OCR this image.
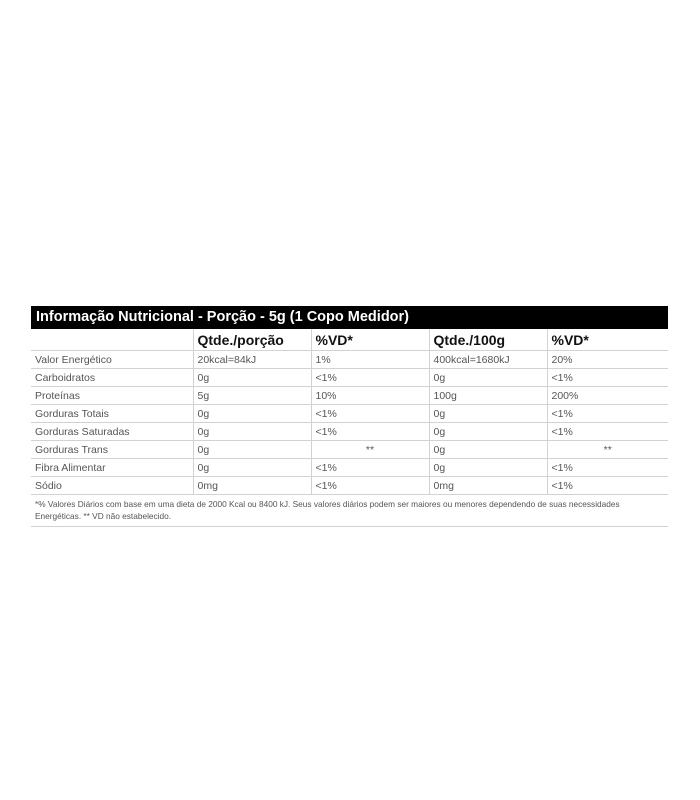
Informação Nutricional - Porção - 5g (1 Copo Medidor)
	Qtde./porção	%VD*	Qtde./100g	%VD*
Valor Energético	20kcal=84kJ	1%	400kcal=1680kJ	20%
Carboidratos	0g	<1%	0g	<1%
Proteínas	5g	10%	100g	200%
Gorduras Totais	0g	<1%	0g	<1%
Gorduras Saturadas	0g	<1%	0g	<1%
Gorduras Trans	0g	**	0g	**
Fibra Alimentar	0g	<1%	0g	<1%
Sódio	0mg	<1%	0mg	<1%
*% Valores Diários com base em uma dieta de 2000 Kcal ou 8400 kJ. Seus valores diários podem ser maiores ou menores dependendo de suas necessidades Energéticas. ** VD não estabelecido.
